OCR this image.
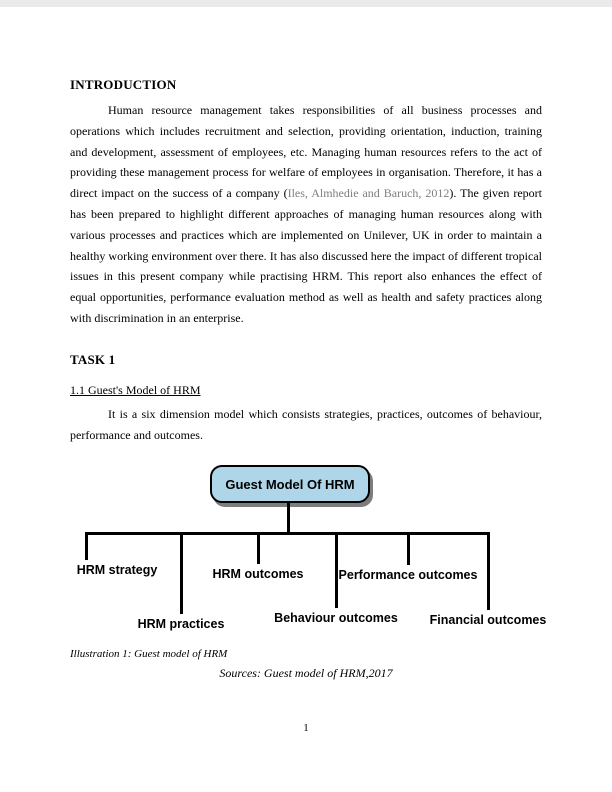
INTRODUCTION
Human resource management takes responsibilities of all business processes and operations which includes recruitment and selection, providing orientation, induction, training and development, assessment of employees, etc. Managing human resources refers to the act of providing these management process for welfare of employees in organisation. Therefore, it has a direct impact on the success of a company (Iles, Almhedie and Baruch, 2012). The given report has been prepared to highlight different approaches of managing human resources along with various processes and practices which are implemented on Unilever, UK in order to maintain a healthy working environment over there. It has also discussed here the impact of different tropical issues in this present company while practising HRM. This report also enhances the effect of equal opportunities, performance evaluation method as well as health and safety practices along with discrimination in an enterprise.
TASK 1
1.1 Guest's Model of HRM
It is a six dimension model which consists strategies, practices, outcomes of behaviour, performance and outcomes.
Guest Model Of HRM
HRM strategy
HRM practices
HRM outcomes
Behaviour outcomes
Performance outcomes
Financial outcomes
Illustration 1: Guest model of HRM
Sources: Guest model of HRM,2017
1
